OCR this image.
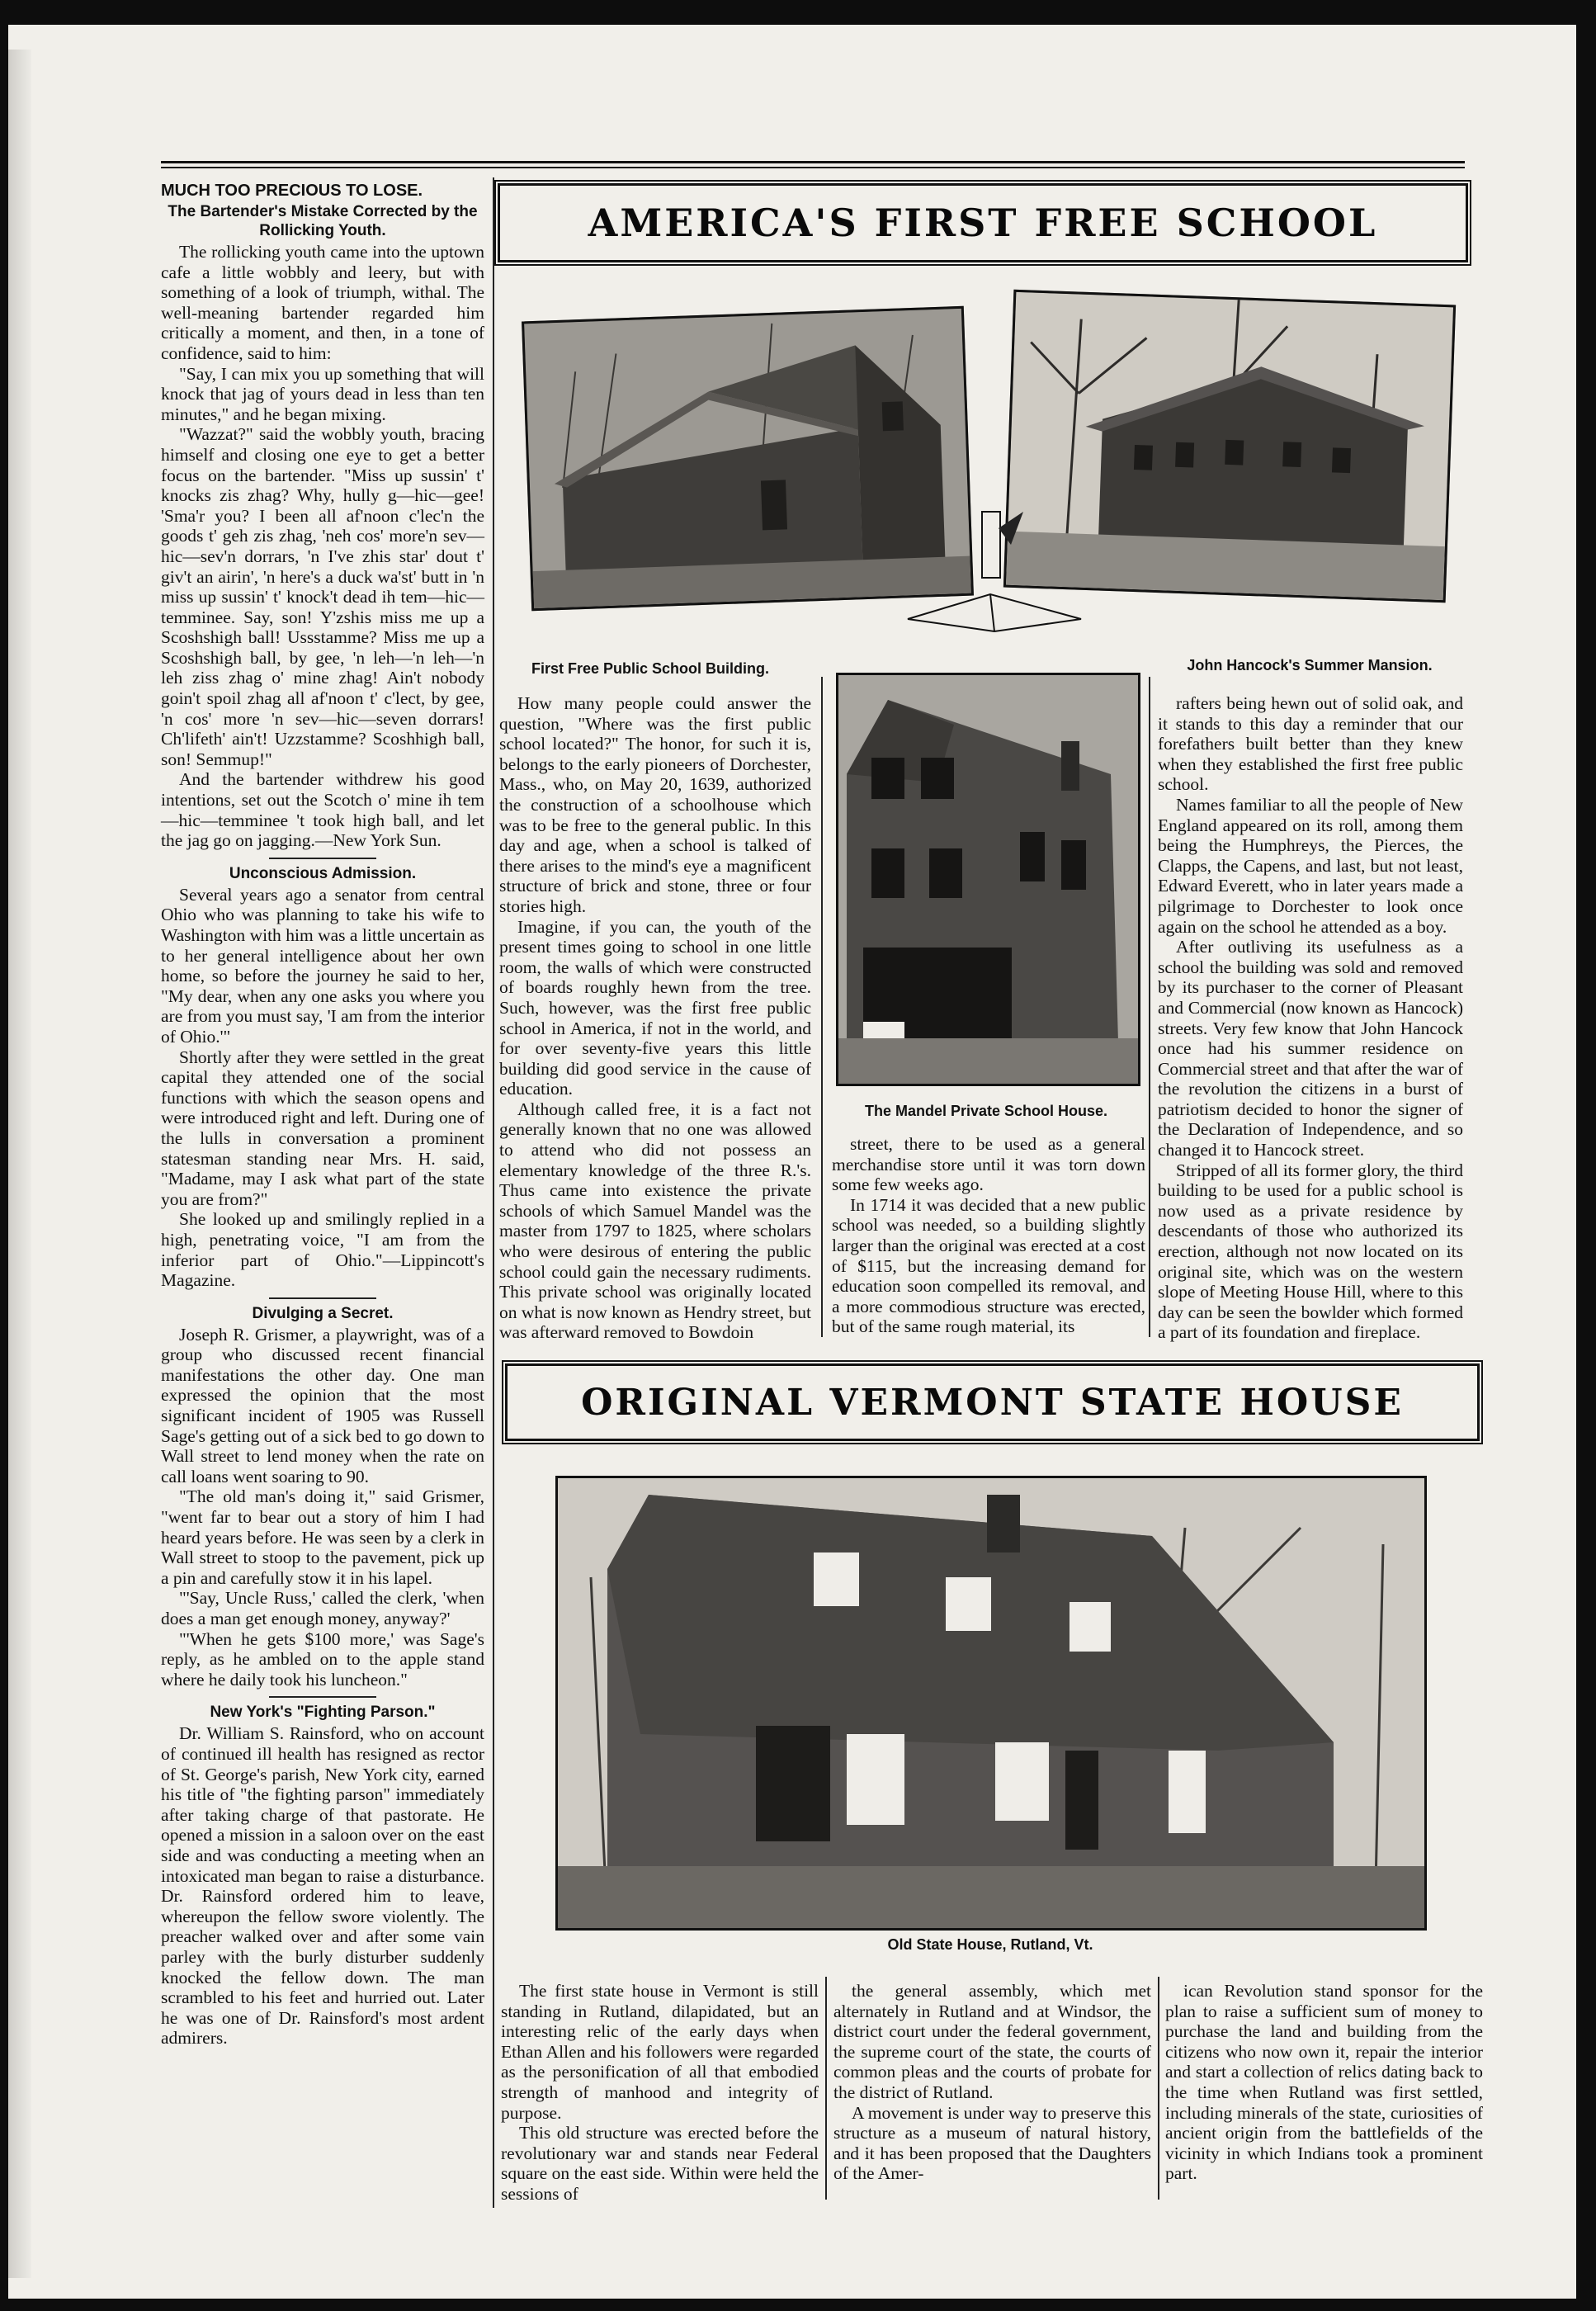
MUCH TOO PRECIOUS TO LOSE.
The Bartender's Mistake Corrected by the Rollicking Youth.

The rollicking youth came into the uptown cafe a little wobbly and leery, but with something of a look of triumph, withal. The well-meaning bartender regarded him critically a moment, and then, in a tone of confidence, said to him:

"Say, I can mix you up something that will knock that jag of yours dead in less than ten minutes," and he began mixing.

"Wazzat?" said the wobbly youth, bracing himself and closing one eye to get a better focus on the bartender. "Miss up sussin' t' knocks zis zhag? Why, hully g—hic—gee! 'Sma'r you? I been all af'noon c'lec'n the goods t' geh zis zhag, 'neh cos' more'n sev—hic—sev'n dorrars, 'n I've zhis star' dout t' giv't an airin', 'n here's a duck wa'st' butt in 'n miss up sussin' t' knock't dead ih tem—hic—temminee. Say, son! Y'zshis miss me up a Scoshshigh ball! Ussstamme? Miss me up a Scoshshigh ball, by gee, 'n leh—'n leh—'n leh ziss zhag o' mine zhag! Ain't nobody goin't spoil zhag all af'noon t' c'lect, by gee, 'n cos' more 'n sev—hic—seven dorrars! Ch'lifeth' ain't! Uzzstamme? Scoshhigh ball, son! Semmup!"

And the bartender withdrew his good intentions, set out the Scotch o' mine ih tem—hic—temminee 't took high ball, and let the jag go on jagging.—New York Sun.

Unconscious Admission.

Several years ago a senator from central Ohio who was planning to take his wife to Washington with him was a little uncertain as to her general intelligence about her own home, so before the journey he said to her, "My dear, when any one asks you where you are from you must say, 'I am from the interior of Ohio.'"

Shortly after they were settled in the great capital they attended one of the social functions with which the season opens and were introduced right and left. During one of the lulls in conversation a prominent statesman standing near Mrs. H. said, "Madame, may I ask what part of the state you are from?"

She looked up and smilingly replied in a high, penetrating voice, "I am from the inferior part of Ohio."—Lippincott's Magazine.

Divulging a Secret.

Joseph R. Grismer, a playwright, was of a group who discussed recent financial manifestations the other day. One man expressed the opinion that the most significant incident of 1905 was Russell Sage's getting out of a sick bed to go down to Wall street to lend money when the rate on call loans went soaring to 90.

"The old man's doing it," said Grismer, "went far to bear out a story of him I had heard years before. He was seen by a clerk in Wall street to stoop to the pavement, pick up a pin and carefully stow it in his lapel.

"'Say, Uncle Russ,' called the clerk, 'when does a man get enough money, anyway?'

"'When he gets $100 more,' was Sage's reply, as he ambled on to the apple stand where he daily took his luncheon."

New York's "Fighting Parson."

Dr. William S. Rainsford, who on account of continued ill health has resigned as rector of St. George's parish, New York city, earned his title of "the fighting parson" immediately after taking charge of that pastorate. He opened a mission in a saloon over on the east side and was conducting a meeting when an intoxicated man began to raise a disturbance. Dr. Rainsford ordered him to leave, whereupon the fellow swore violently. The preacher walked over and after some vain parley with the burly disturber suddenly knocked the fellow down. The man scrambled to his feet and hurried out. Later he was one of Dr. Rainsford's most ardent admirers.

AMERICA'S FIRST FREE SCHOOL
First Free Public School Building.	John Hancock's Summer Mansion.
The Mandel Private School House.

How many people could answer the question, "Where was the first public school located?" The honor, for such it is, belongs to the early pioneers of Dorchester, Mass., who, on May 20, 1639, authorized the construction of a schoolhouse which was to be free to the general public. In this day and age, when a school is talked of there arises to the mind's eye a magnificent structure of brick and stone, three or four stories high.

Imagine, if you can, the youth of the present times going to school in one little room, the walls of which were constructed of boards roughly hewn from the tree. Such, however, was the first free public school in America, if not in the world, and for over seventy-five years this little building did good service in the cause of education.

Although called free, it is a fact not generally known that no one was allowed to attend who did not possess an elementary knowledge of the three R.'s. Thus came into existence the private schools of which Samuel Mandel was the master from 1797 to 1825, where scholars who were desirous of entering the public school could gain the necessary rudiments. This private school was originally located on what is now known as Hendry street, but was afterward removed to Bowdoin

street, there to be used as a general merchandise store until it was torn down some few weeks ago.

In 1714 it was decided that a new public school was needed, so a building slightly larger than the original was erected at a cost of $115, but the increasing demand for education soon compelled its removal, and a more commodious structure was erected, but of the same rough material, its

rafters being hewn out of solid oak, and it stands to this day a reminder that our forefathers built better than they knew when they established the first free public school.

Names familiar to all the people of New England appeared on its roll, among them being the Humphreys, the Pierces, the Clapps, the Capens, and last, but not least, Edward Everett, who in later years made a pilgrimage to Dorchester to look once again on the school he attended as a boy.

After outliving its usefulness as a school the building was sold and removed by its purchaser to the corner of Pleasant and Commercial (now known as Hancock) streets. Very few know that John Hancock once had his summer residence on Commercial street and that after the war of the revolution the citizens in a burst of patriotism decided to honor the signer of the Declaration of Independence, and so changed it to Hancock street.

Stripped of all its former glory, the third building to be used for a public school is now used as a private residence by descendants of those who authorized its erection, although not now located on its original site, which was on the western slope of Meeting House Hill, where to this day can be seen the bowlder which formed a part of its foundation and fireplace.

ORIGINAL VERMONT STATE HOUSE
Old State House, Rutland, Vt.

The first state house in Vermont is still standing in Rutland, dilapidated, but an interesting relic of the early days when Ethan Allen and his followers were regarded as the personification of all that embodied strength of manhood and integrity of purpose.

This old structure was erected before the revolutionary war and stands near Federal square on the east side. Within were held the sessions of

the general assembly, which met alternately in Rutland and at Windsor, the district court under the federal government, the supreme court of the state, the courts of common pleas and the courts of probate for the district of Rutland.

A movement is under way to preserve this structure as a museum of natural history, and it has been proposed that the Daughters of the Amer-

ican Revolution stand sponsor for the plan to raise a sufficient sum of money to purchase the land and building from the citizens who now own it, repair the interior and start a collection of relics dating back to the time when Rutland was first settled, including minerals of the state, curiosities of ancient origin from the battlefields of the vicinity in which Indians took a prominent part.
